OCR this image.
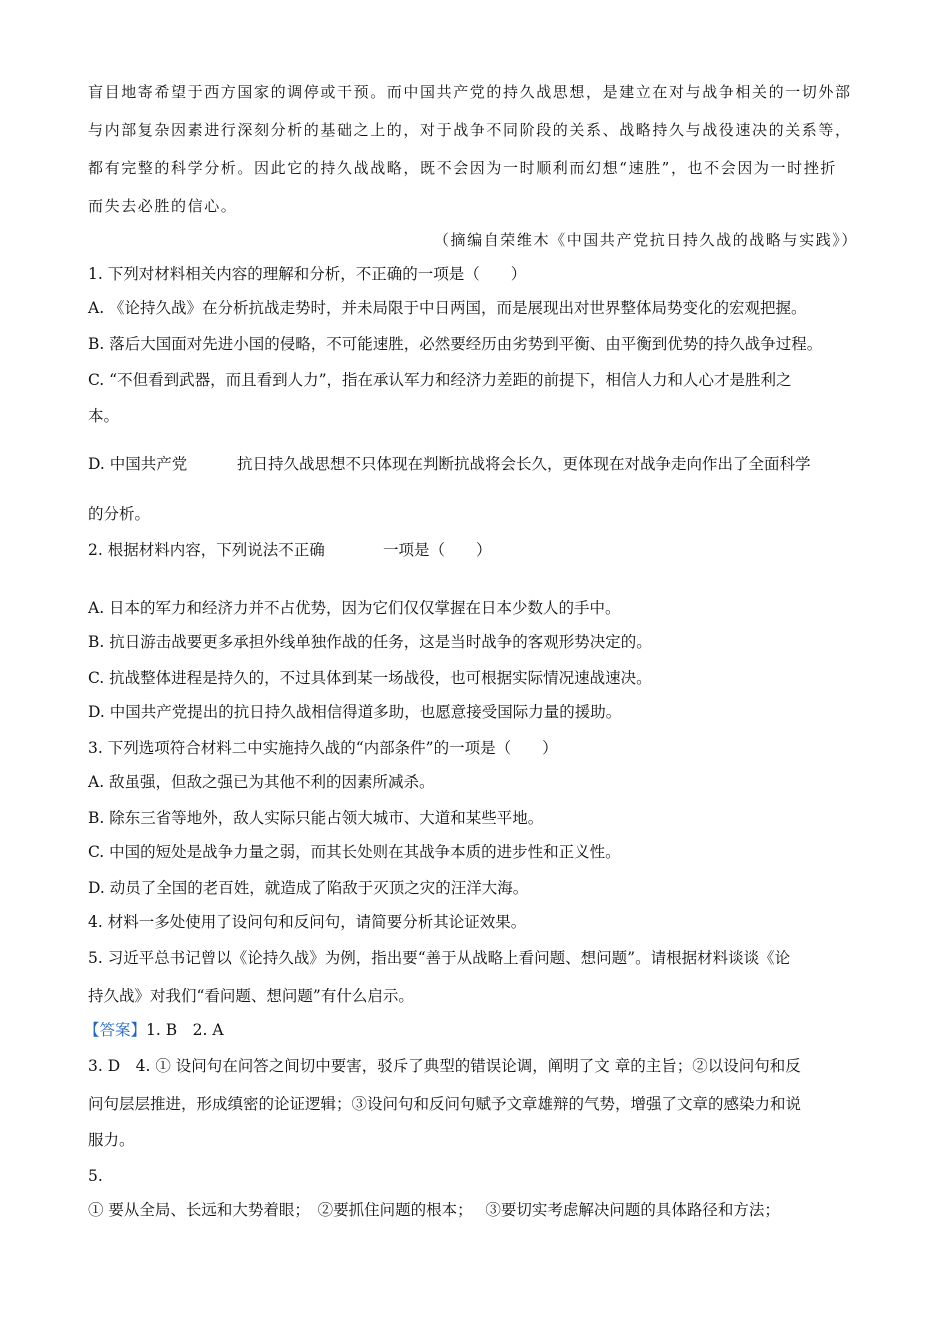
盲目地寄希望于西方国家的调停或干预。而中国共产党的持久战思想，是建立在对与战争相关的一切外部
与内部复杂因素进行深刻分析的基础之上的，对于战争不同阶段的关系、战略持久与战役速决的关系等，
都有完整的科学分析。因此它的持久战战略，既不会因为一时顺利而幻想“速胜”，也不会因为一时挫折
而失去必胜的信心。
（摘编自荣维木《中国共产党抗日持久战的战略与实践》）
1. 下列对材料相关内容的理解和分析，不正确的一项是（　　）
A. 《论持久战》在分析抗战走势时，并未局限于中日两国，而是展现出对世界整体局势变化的宏观把握。
B. 落后大国面对先进小国的侵略，不可能速胜，必然要经历由劣势到平衡、由平衡到优势的持久战争过程。
C. “不但看到武器，而且看到人力”，指在承认军力和经济力差距的前提下，相信人力和人心才是胜利之
本。
D. 中国共产党	抗日持久战思想不只体现在判断抗战将会长久，更体现在对战争走向作出了全面科学
的分析。
2. 根据材料内容，下列说法不正确	一项是（　　）
A. 日本的军力和经济力并不占优势，因为它们仅仅掌握在日本少数人的手中。
B. 抗日游击战要更多承担外线单独作战的任务，这是当时战争的客观形势决定的。
C. 抗战整体进程是持久的，不过具体到某一场战役，也可根据实际情况速战速决。
D. 中国共产党提出的抗日持久战相信得道多助，也愿意接受国际力量的援助。
3. 下列选项符合材料二中实施持久战的“内部条件”的一项是（　　）
A. 敌虽强，但敌之强已为其他不利的因素所减杀。
B. 除东三省等地外，敌人实际只能占领大城市、大道和某些平地。
C. 中国的短处是战争力量之弱，而其长处则在其战争本质的进步性和正义性。
D. 动员了全国的老百姓，就造成了陷敌于灭顶之灾的汪洋大海。
4. 材料一多处使用了设问句和反问句，请简要分析其论证效果。
5. 习近平总书记曾以《论持久战》为例，指出要“善于从战略上看问题、想问题”。请根据材料谈谈《论
持久战》对我们“看问题、想问题”有什么启示。
【答案】1. B　2. A
3. D　4. ① 设问句在问答之间切中要害，驳斥了典型的错误论调，阐明了文 章的主旨；②以设问句和反
问句层层推进，形成缜密的论证逻辑；③设问句和反问句赋予文章雄辩的气势，增强了文章的感染力和说
服力。
5.
① 要从全局、长远和大势着眼；　②要抓住问题的根本；　 ③要切实考虑解决问题的具体路径和方法；
